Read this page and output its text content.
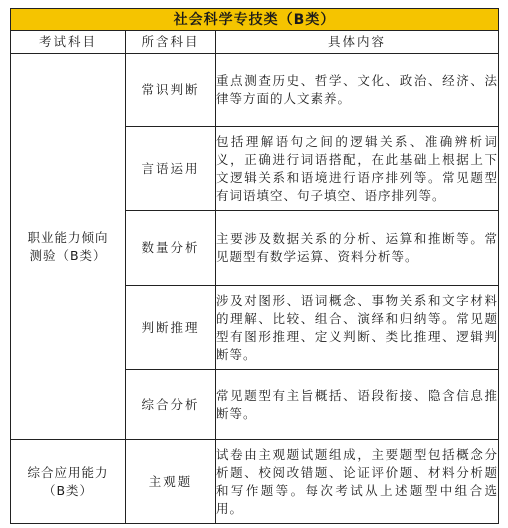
社会科学专技类（B类）		
考试科目	所含科目	具体内容

职业能力倾向
测验（B类）	常识判断	重点测查历史、哲学、文化、政治、经济、法律等方面的人文素养。
	言语运用	包括理解语句之间的逻辑关系、准确辨析词义，正确进行词语搭配，在此基础上根据上下文逻辑关系和语境进行语序排列等。常见题型有词语填空、句子填空、语序排列等。
	数量分析	主要涉及数据关系的分析、运算和推断等。常见题型有数学运算、资料分析等。
	判断推理	涉及对图形、语词概念、事物关系和文字材料的理解、比较、组合、演绎和归纳等。常见题型有图形推理、定义判断、类比推理、逻辑判断等。
	综合分析	常见题型有主旨概括、语段衔接、隐含信息推断等。

综合应用能力
（B类）	主观题	试卷由主观题试题组成，主要题型包括概念分析题、校阅改错题、论证评价题、材料分析题和写作题等。每次考试从上述题型中组合选用。
